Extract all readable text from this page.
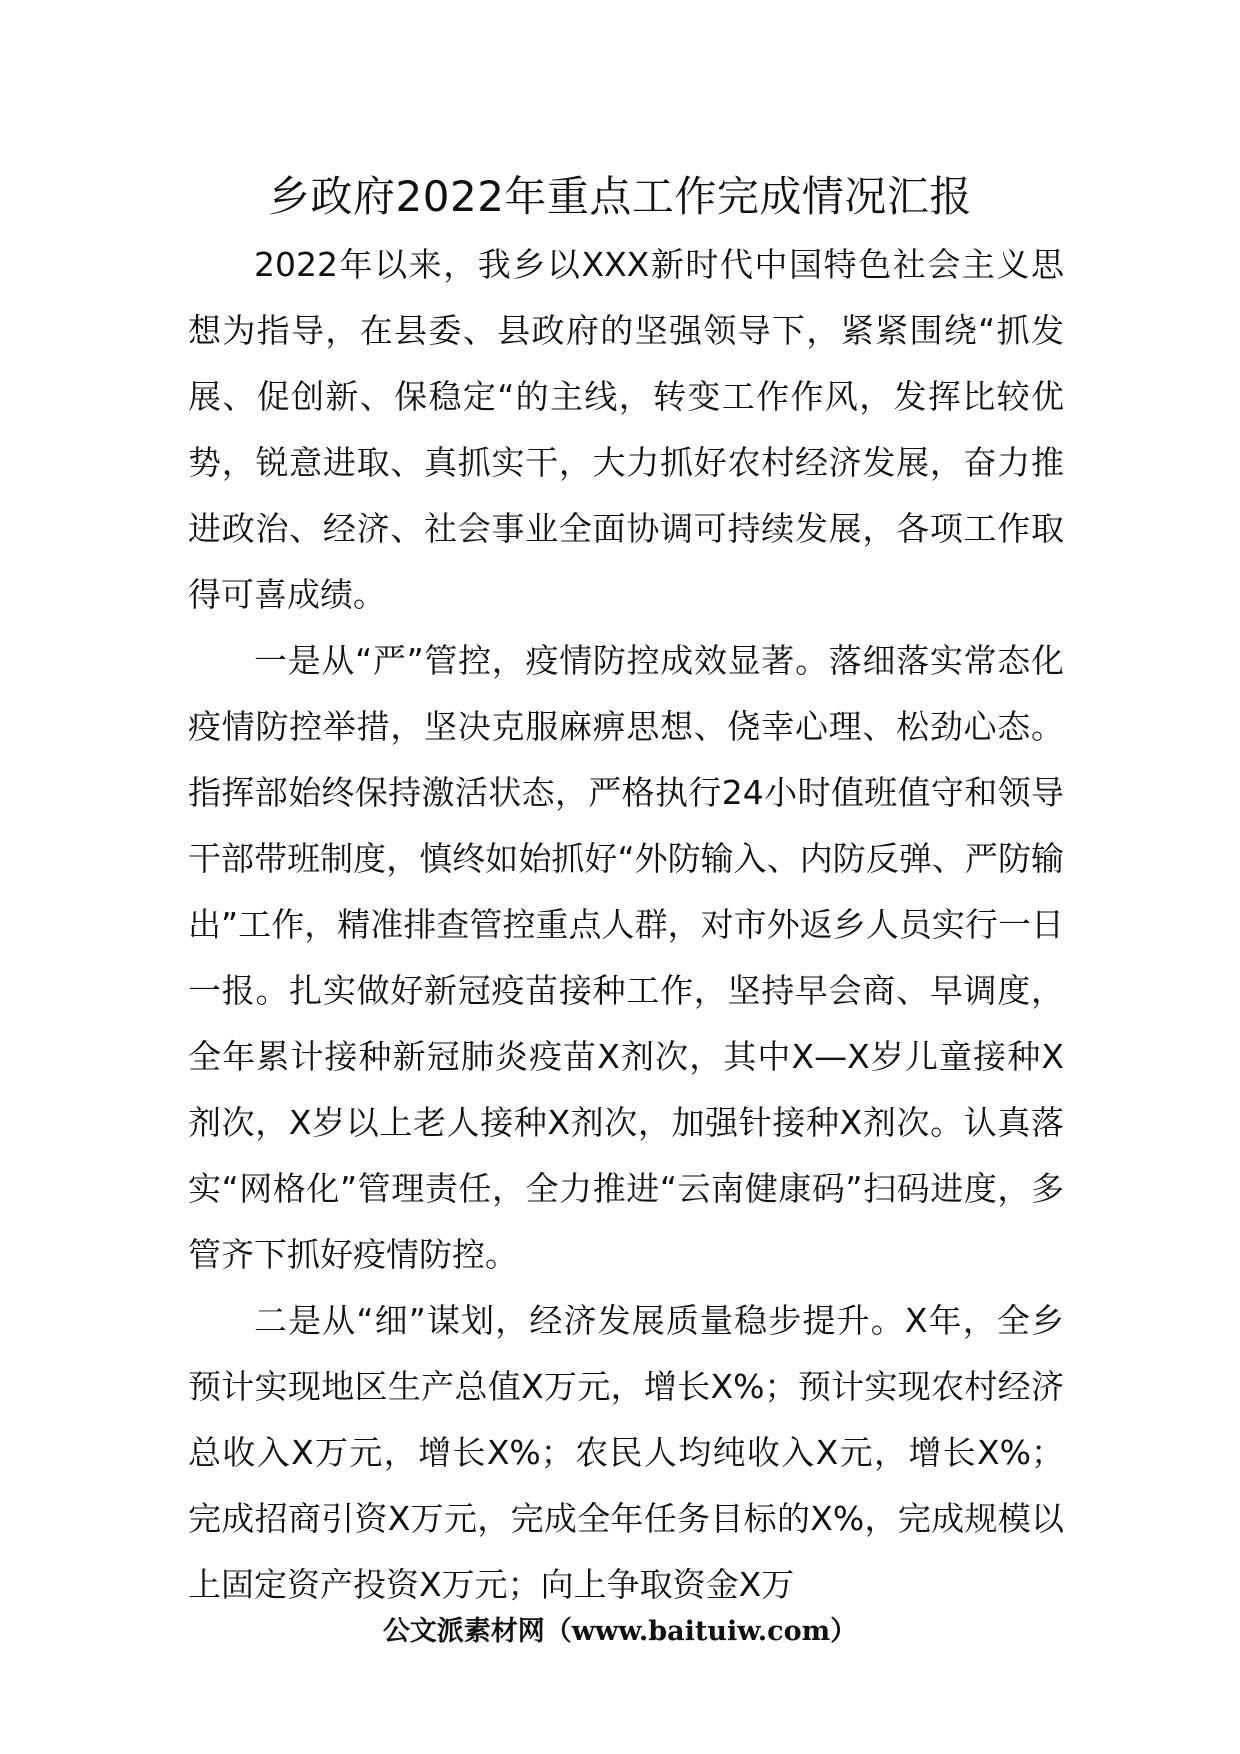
乡政府2022年重点工作完成情况汇报

2022年以来，我乡以XXX新时代中国特色社会主义思想为指导，在县委、县政府的坚强领导下，紧紧围绕“抓发展、促创新、保稳定“的主线，转变工作作风，发挥比较优势，锐意进取、真抓实干，大力抓好农村经济发展，奋力推进政治、经济、社会事业全面协调可持续发展，各项工作取得可喜成绩。

一是从“严”管控，疫情防控成效显著。落细落实常态化疫情防控举措，坚决克服麻痹思想、侥幸心理、松劲心态。指挥部始终保持激活状态，严格执行24小时值班值守和领导干部带班制度，慎终如始抓好“外防输入、内防反弹、严防输出”工作，精准排查管控重点人群，对市外返乡人员实行一日一报。扎实做好新冠疫苗接种工作，坚持早会商、早调度，全年累计接种新冠肺炎疫苗X剂次，其中X—X岁儿童接种X剂次，X岁以上老人接种X剂次，加强针接种X剂次。认真落实“网格化”管理责任，全力推进“云南健康码”扫码进度，多管齐下抓好疫情防控。

二是从“细”谋划，经济发展质量稳步提升。X年，全乡预计实现地区生产总值X万元，增长X%；预计实现农村经济总收入X万元，增长X%；农民人均纯收入X元，增长X%；完成招商引资X万元，完成全年任务目标的X%，完成规模以上固定资产投资X万元；向上争取资金X万

公文派素材网（www.baituiw.com）
